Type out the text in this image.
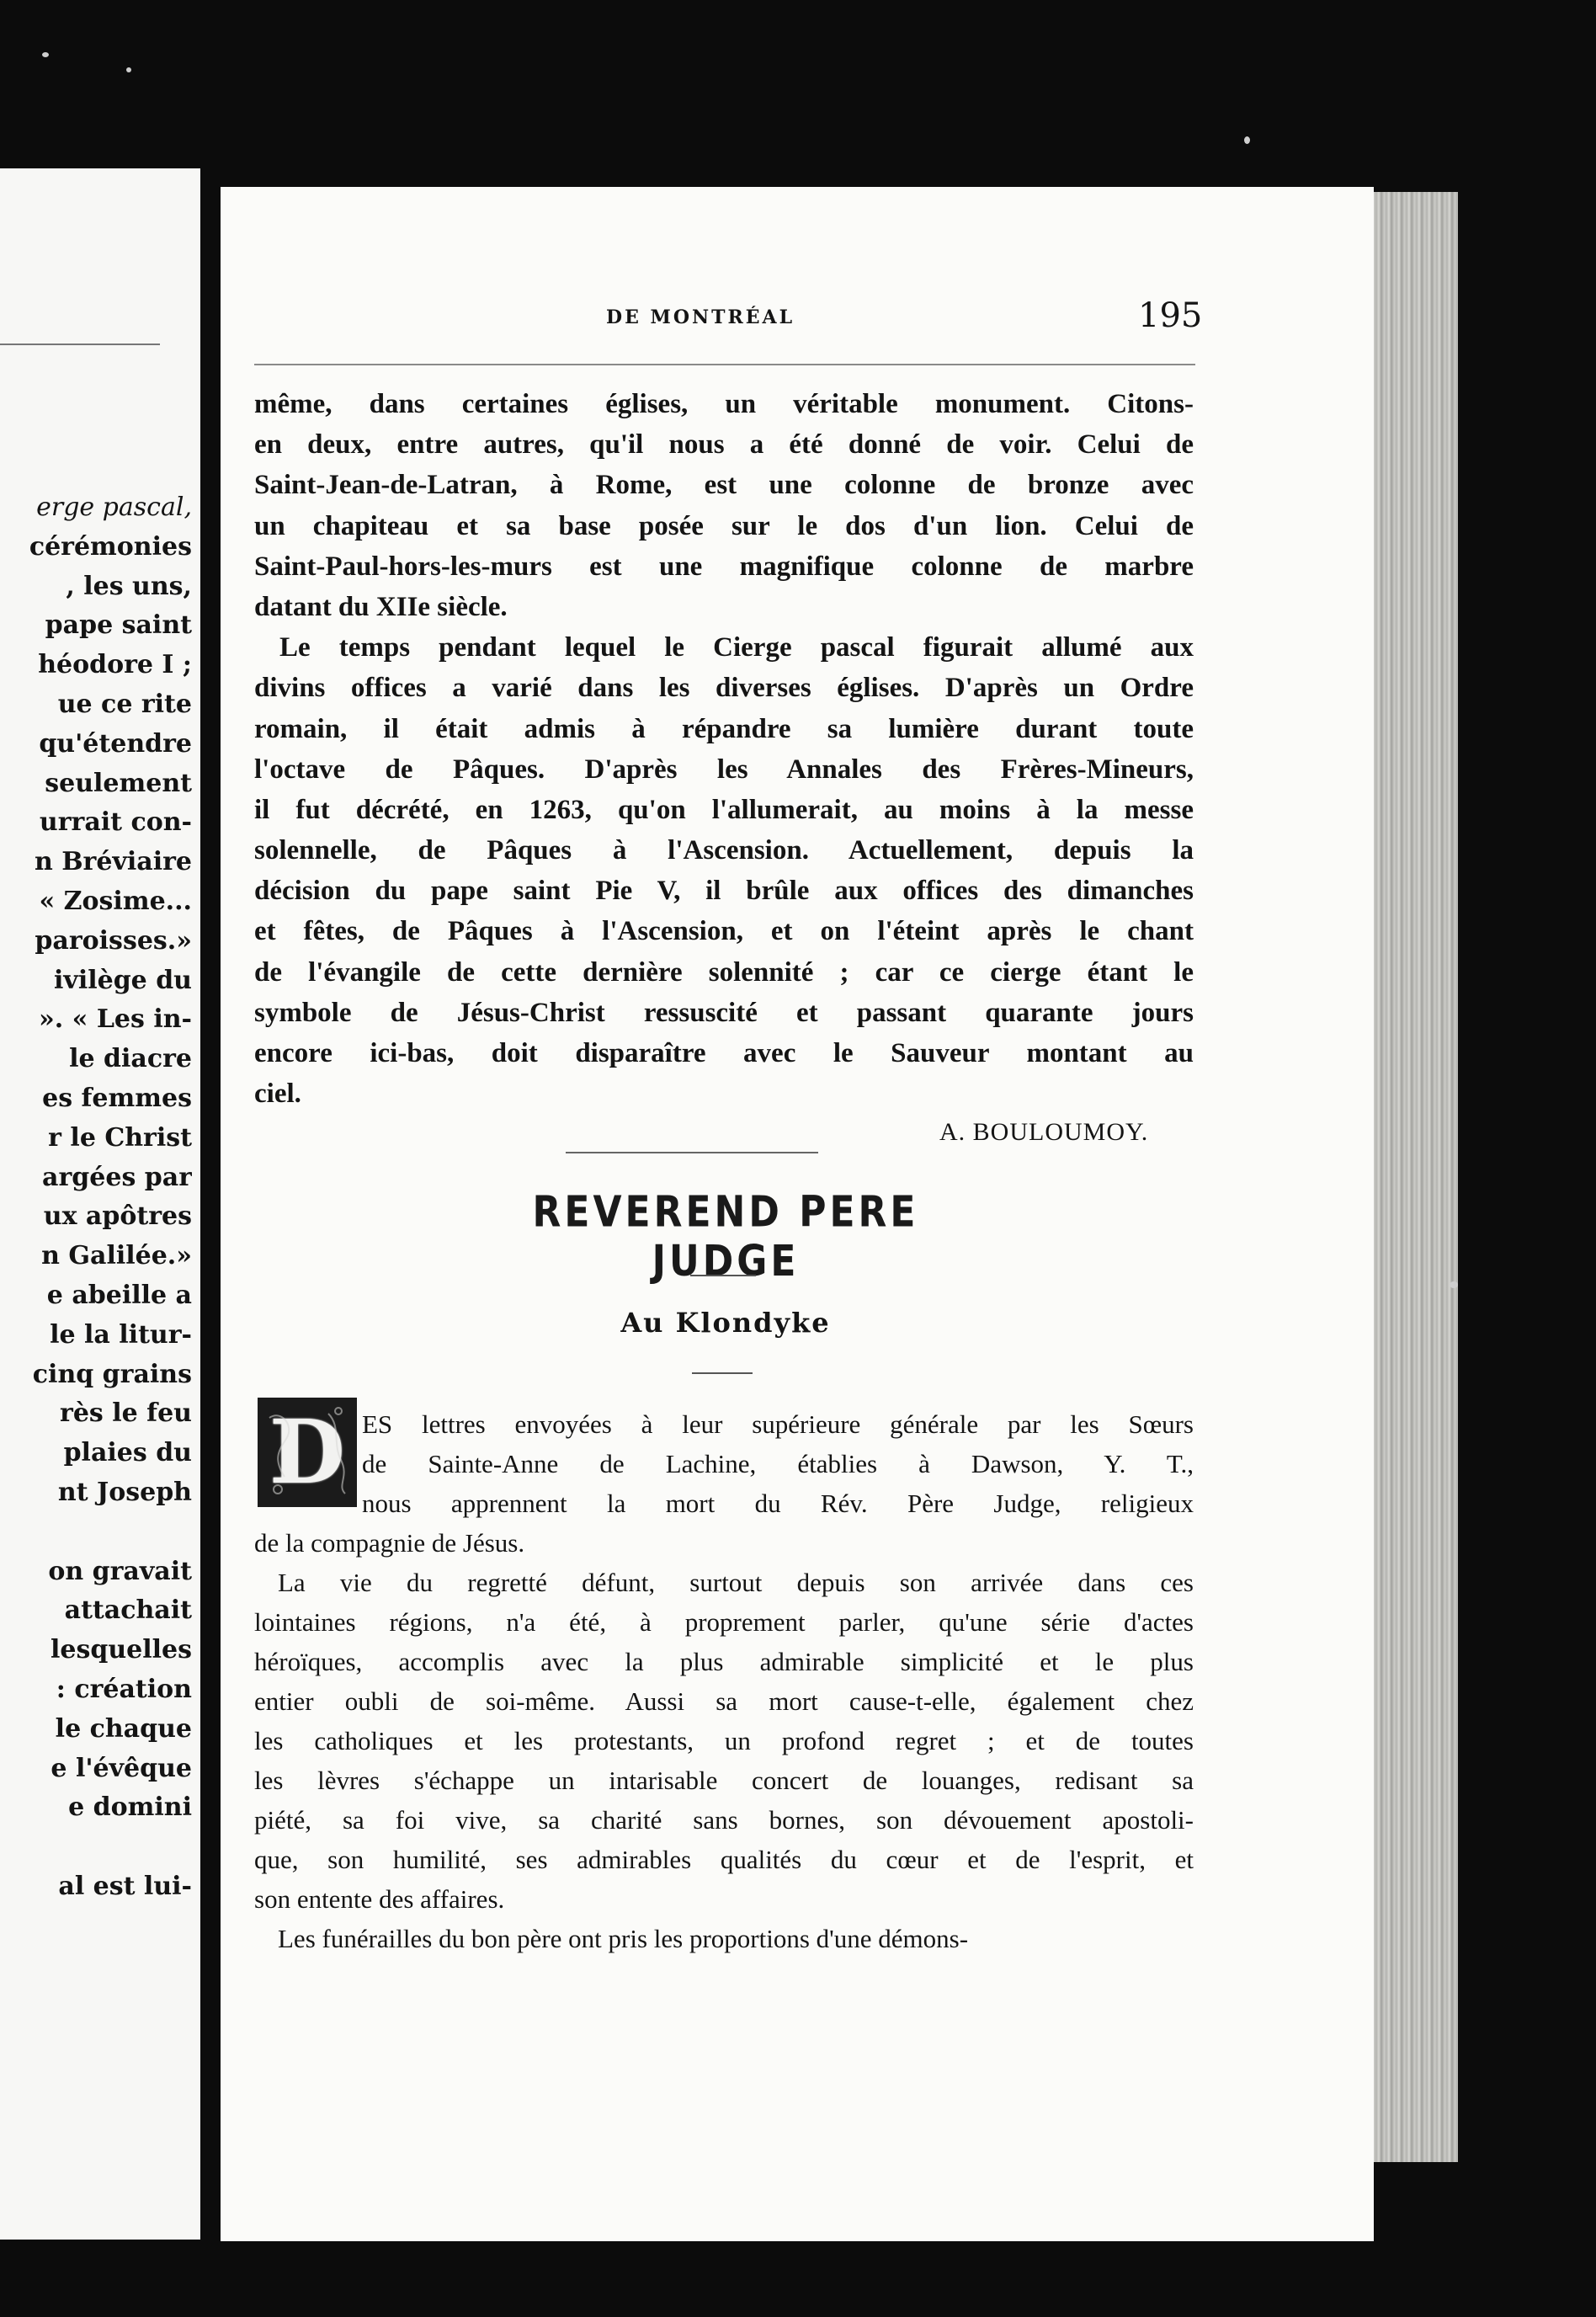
erge pascal,
cérémonies
, les uns,
pape saint
héodore I ;
ue ce rite
qu'étendre
seulement
urrait con-
n Bréviaire
« Zosime...
paroisses.»
ivilège du
». « Les in-
le diacre
es femmes
r le Christ
argées par
ux apôtres
n Galilée.»
e abeille a
le la litur-
cinq grains
rès le feu
plaies du
nt Joseph
on gravait
attachait
lesquelles
: création
le chaque
e l'évêque
e domini
al est lui-
DE MONTRÉAL	195
même, dans certaines églises, un véritable monument. Citons-
en deux, entre autres, qu'il nous a été donné de voir. Celui de
Saint-Jean-de-Latran, à Rome, est une colonne de bronze avec
un chapiteau et sa base posée sur le dos d'un lion. Celui de
Saint-Paul-hors-les-murs est une magnifique colonne de marbre
datant du XIIe siècle.
Le temps pendant lequel le Cierge pascal figurait allumé aux
divins offices a varié dans les diverses églises. D'après un Ordre
romain, il était admis à répandre sa lumière durant toute
l'octave de Pâques. D'après les Annales des Frères-Mineurs,
il fut décrété, en 1263, qu'on l'allumerait, au moins à la messe
solennelle, de Pâques à l'Ascension. Actuellement, depuis la
décision du pape saint Pie V, il brûle aux offices des dimanches
et fêtes, de Pâques à l'Ascension, et on l'éteint après le chant
de l'évangile de cette dernière solennité ; car ce cierge étant le
symbole de Jésus-Christ ressuscité et passant quarante jours
encore ici-bas, doit disparaître avec le Sauveur montant au
ciel.
A. BOULOUMOY.
REVEREND PERE JUDGE
Au Klondyke
D ES lettres envoyées à leur supérieure générale par les Sœurs
de Sainte-Anne de Lachine, établies à Dawson, Y. T.,
nous apprennent la mort du Rév. Père Judge, religieux
de la compagnie de Jésus.
La vie du regretté défunt, surtout depuis son arrivée dans ces
lointaines régions, n'a été, à proprement parler, qu'une série d'actes
héroïques, accomplis avec la plus admirable simplicité et le plus
entier oubli de soi-même. Aussi sa mort cause-t-elle, également chez
les catholiques et les protestants, un profond regret ; et de toutes
les lèvres s'échappe un intarisable concert de louanges, redisant sa
piété, sa foi vive, sa charité sans bornes, son dévouement apostoli-
que, son humilité, ses admirables qualités du cœur et de l'esprit, et
son entente des affaires.
Les funérailles du bon père ont pris les proportions d'une démons-
